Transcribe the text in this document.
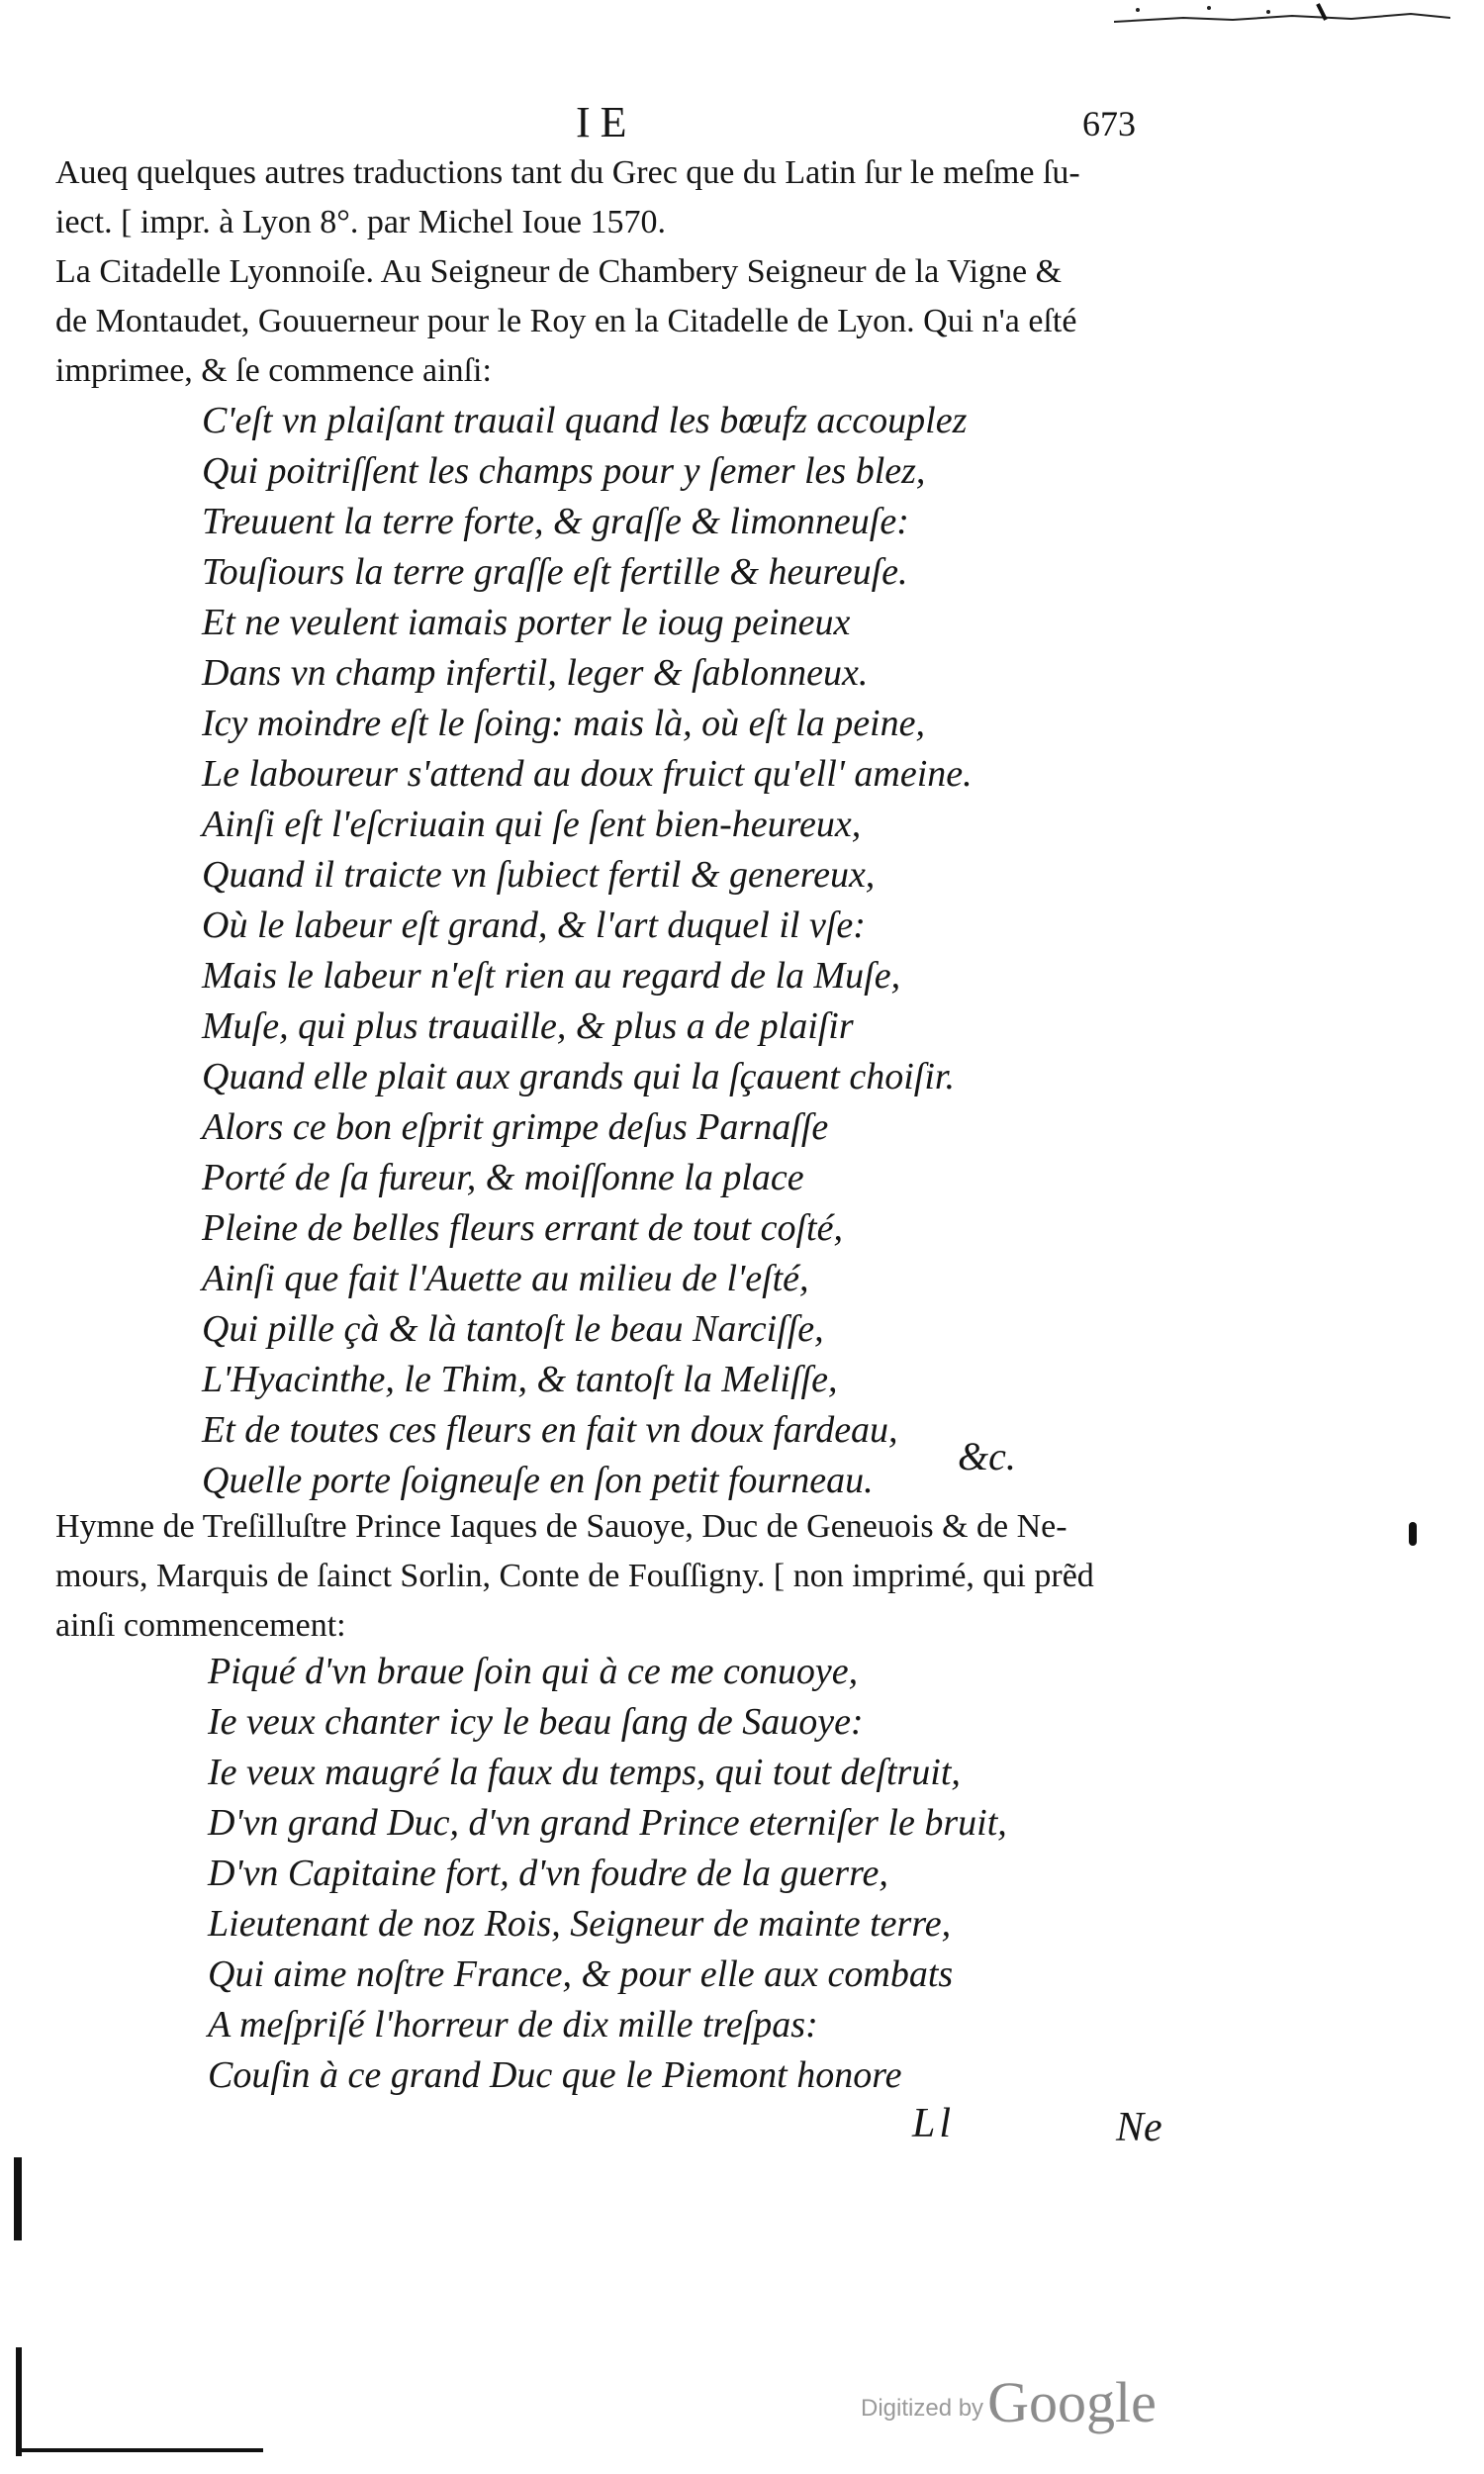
IE	673
Aueq quelques autres traductions tant du Grec que du Latin ſur le meſme ſu-
iect. [ impr. à Lyon 8°. par Michel Ioue 1570.
La Citadelle Lyonnoiſe. Au Seigneur de Chambery Seigneur de la Vigne &
de Montaudet, Gouuerneur pour le Roy en la Citadelle de Lyon. Qui n'a eſté
imprimee, & ſe commence ainſi:
C'eſt vn plaiſant trauail quand les bœufz accouplez
Qui poitriſſent les champs pour y ſemer les blez,
Treuuent la terre forte, & graſſe & limonneuſe:
Touſiours la terre graſſe eſt fertille & heureuſe.
Et ne veulent iamais porter le ioug peineux
Dans vn champ infertil, leger & ſablonneux.
Icy moindre eſt le ſoing: mais là, où eſt la peine,
Le laboureur s'attend au doux fruict qu'ell' ameine.
Ainſi eſt l'eſcriuain qui ſe ſent bien-heureux,
Quand il traicte vn ſubiect fertil & genereux,
Où le labeur eſt grand, & l'art duquel il vſe:
Mais le labeur n'eſt rien au regard de la Muſe,
Muſe, qui plus trauaille, & plus a de plaiſir
Quand elle plait aux grands qui la ſçauent choiſir.
Alors ce bon eſprit grimpe deſus Parnaſſe
Porté de ſa fureur, & moiſſonne la place
Pleine de belles fleurs errant de tout coſté,
Ainſi que fait l'Auette au milieu de l'eſté,
Qui pille çà & là tantoſt le beau Narciſſe,
L'Hyacinthe, le Thim, & tantoſt la Meliſſe,
Et de toutes ces fleurs en fait vn doux fardeau,
Quelle porte ſoigneuſe en ſon petit fourneau.
&c.
Hymne de Treſilluſtre Prince Iaques de Sauoye, Duc de Geneuois & de Ne-
mours, Marquis de ſainct Sorlin, Conte de Fouſſigny. [ non imprimé, qui prẽd
ainſi commencement:
Piqué d'vn braue ſoin qui à ce me conuoye,
Ie veux chanter icy le beau ſang de Sauoye:
Ie veux maugré la faux du temps, qui tout deſtruit,
D'vn grand Duc, d'vn grand Prince eterniſer le bruit,
D'vn Capitaine fort, d'vn foudre de la guerre,
Lieutenant de noz Rois, Seigneur de mainte terre,
Qui aime noſtre France, & pour elle aux combats
A meſpriſé l'horreur de dix mille treſpas:
Couſin à ce grand Duc que le Piemont honore
Ll	Ne
Digitized by Google
